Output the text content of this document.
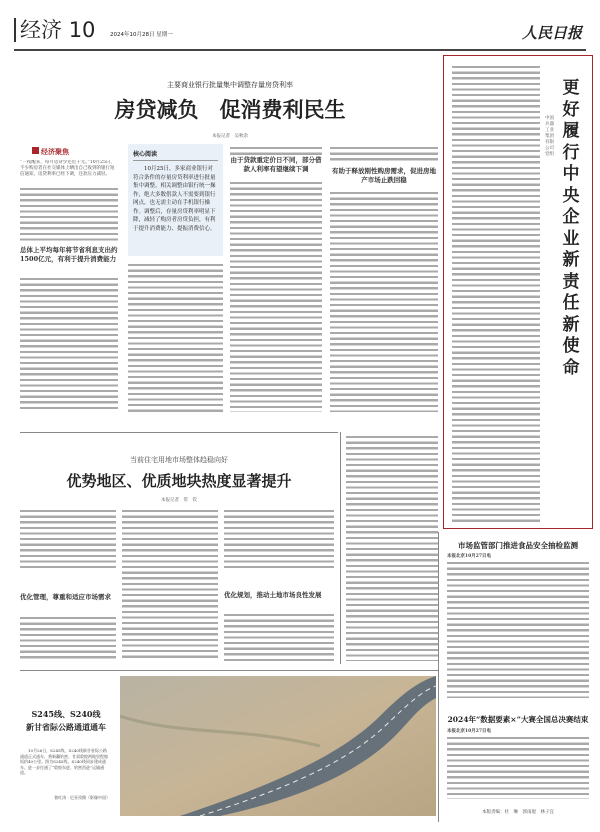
经济 10	2024年10月28日 星期一	人民日报
主要商业银行批量集中调整存量房贷利率
房贷减负　促消费利民生
本报记者　吴秋余
经济聚焦
“一夜醒来，每月房贷少还近千元。”10月25日，不少购房者在社交媒体上晒出自己收到的银行短信通知，房贷利率已经下调，还款压力减轻。
总体上平均每年将节省利息支出约1500亿元，有利于提升消费能力
核心阅读
10月25日，多家商业银行对符合条件的存量房贷利率进行批量集中调整。相关调整由银行统一操作，绝大多数借款人不需要到银行网点，也无需主动在手机银行操作。调整后，存量房贷利率明显下降，减轻了购房者房贷负担，有利于提升消费能力、提振消费信心。
由于贷款重定价日不同，部分借款人利率有望继续下调	有助于释放刚性购房需求，促进房地产市场止跌回稳
中国兵器工业集团有限公司党组
更好履行中央企业新责任新使命
当前住宅用地市场整体趋稳向好
优势地区、优质地块热度显著提升
本报记者　常　钦
优化管理，尊重和适应市场需求	优化规划，推动土地市场良性发展
S245线、S240线
新甘省际公路通道通车
10月26日，S245线、S240线新甘省际公路通道正式通车，将新疆哈密、甘肃敦煌两地里程缩短约40公里。图为S245线、S240线同步建成通车，进一步打通了“敦煌东进、哈密西进”运输通道。
鲁红涛 · 尼亚孜摄（影像中国）
市场监管部门推进食品安全抽检监测
本报北京10月27日电
2024年“数据要素×”大赛全国总决赛结束
本报北京10月27日电
本版责编：杜　琳　郭雨琨　林子宜
